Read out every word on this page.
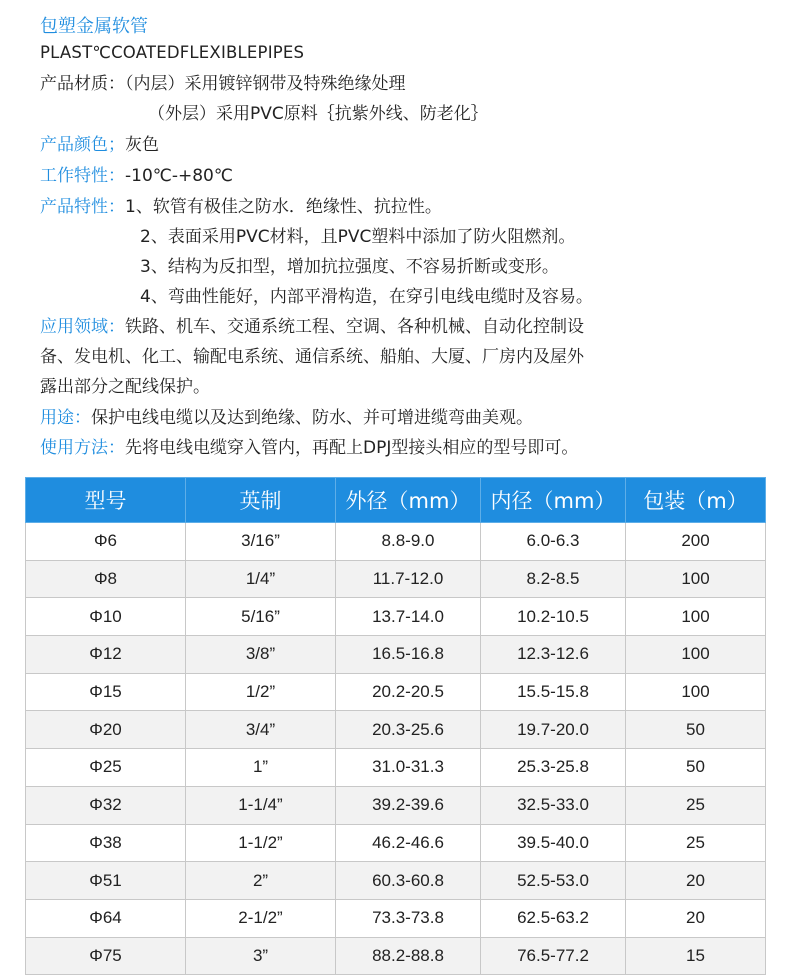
包塑金属软管
PLAST℃COATEDFLEXIBLEPIPES
产品材质：（内层）采用镀锌钢带及特殊绝缘处理
（外层）采用PVC原料｛抗紫外线、防老化｝
产品颜色；灰色
工作特性：-10℃-+80℃
产品特性：1、软管有极佳之防水．绝缘性、抗拉性。
2、表面采用PVC材料，且PVC塑料中添加了防火阻燃剂。
3、结构为反扣型，增加抗拉强度、不容易折断或变形。
4、弯曲性能好，内部平滑构造，在穿引电线电缆时及容易。
应用领域：铁路、机车、交通系统工程、空调、各种机械、自动化控制设
备、发电机、化工、输配电系统、通信系统、船舶、大厦、厂房内及屋外
露出部分之配线保护。
用途：保护电线电缆以及达到绝缘、防水、并可增进缆弯曲美观。
使用方法：先将电线电缆穿入管内，再配上DPJ型接头相应的型号即可。
型号	英制	外径（mm）	内径（mm）	包装（m）
Φ6	3/16”	8.8-9.0	6.0-6.3	200
Φ8	1/4”	11.7-12.0	8.2-8.5	100
Φ10	5/16”	13.7-14.0	10.2-10.5	100
Φ12	3/8”	16.5-16.8	12.3-12.6	100
Φ15	1/2”	20.2-20.5	15.5-15.8	100
Φ20	3/4”	20.3-25.6	19.7-20.0	50
Φ25	1”	31.0-31.3	25.3-25.8	50
Φ32	1-1/4”	39.2-39.6	32.5-33.0	25
Φ38	1-1/2”	46.2-46.6	39.5-40.0	25
Φ51	2”	60.3-60.8	52.5-53.0	20
Φ64	2-1/2”	73.3-73.8	62.5-63.2	20
Φ75	3”	88.2-88.8	76.5-77.2	15
